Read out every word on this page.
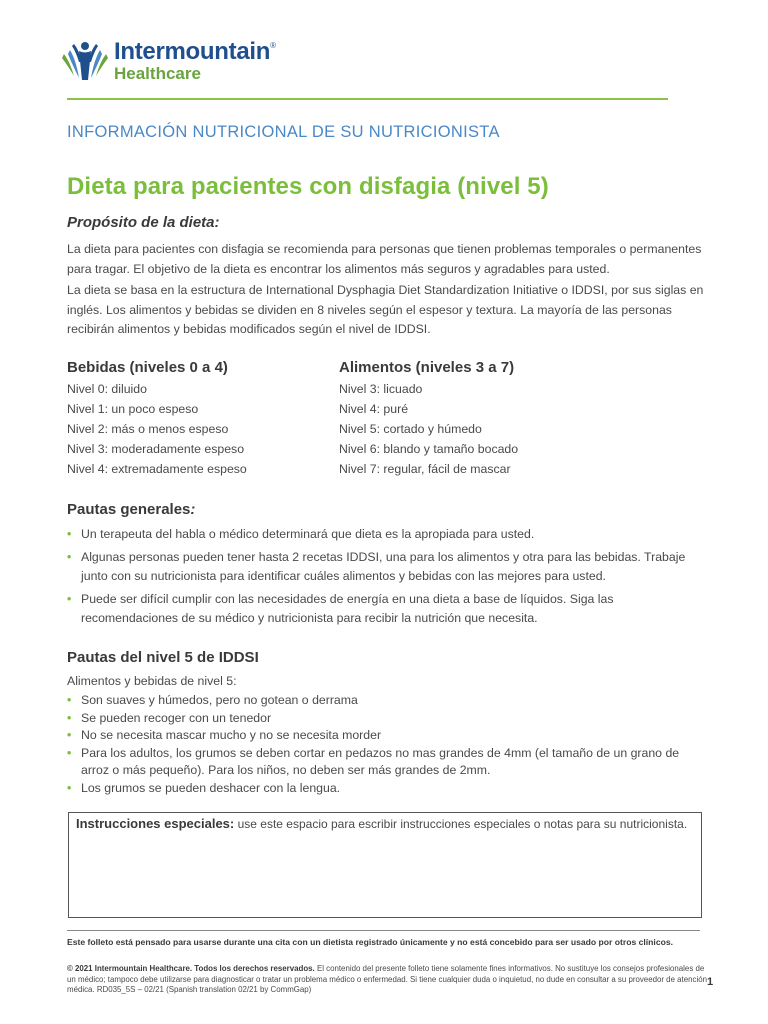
Intermountain®
Healthcare
INFORMACIÓN NUTRICIONAL DE SU NUTRICIONISTA
Dieta para pacientes con disfagia (nivel 5)
Propósito de la dieta:
La dieta para pacientes con disfagia se recomienda para personas que tienen problemas temporales o permanentes para tragar. El objetivo de la dieta es encontrar los alimentos más seguros y agradables para usted.
La dieta se basa en la estructura de International Dysphagia Diet Standardization Initiative o IDDSI, por sus siglas en inglés. Los alimentos y bebidas se dividen en 8 niveles según el espesor y textura. La mayoría de las personas recibirán alimentos y bebidas modificados según el nivel de IDDSI.
Bebidas (niveles 0 a 4)
Nivel 0: diluido
Nivel 1: un poco espeso
Nivel 2: más o menos espeso
Nivel 3: moderadamente espeso
Nivel 4: extremadamente espeso
Alimentos (niveles 3 a 7)
Nivel 3: licuado
Nivel 4: puré
Nivel 5: cortado y húmedo
Nivel 6: blando y tamaño bocado
Nivel 7: regular, fácil de mascar
Pautas generales:
• Un terapeuta del habla o médico determinará que dieta es la apropiada para usted.
• Algunas personas pueden tener hasta 2 recetas IDDSI, una para los alimentos y otra para las bebidas. Trabaje junto con su nutricionista para identificar cuáles alimentos y bebidas con las mejores para usted.
• Puede ser difícil cumplir con las necesidades de energía en una dieta a base de líquidos. Siga las recomendaciones de su médico y nutricionista para recibir la nutrición que necesita.
Pautas del nivel 5 de IDDSI
Alimentos y bebidas de nivel 5:
• Son suaves y húmedos, pero no gotean o derrama
• Se pueden recoger con un tenedor
• No se necesita mascar mucho y no se necesita morder
• Para los adultos, los grumos se deben cortar en pedazos no mas grandes de 4mm (el tamaño de un grano de arroz o más pequeño). Para los niños, no deben ser más grandes de 2mm.
• Los grumos se pueden deshacer con la lengua.
Instrucciones especiales: use este espacio para escribir instrucciones especiales o notas para su nutricionista.
Este folleto está pensado para usarse durante una cita con un dietista registrado únicamente y no está concebido para ser usado por otros clínicos.
© 2021 Intermountain Healthcare. Todos los derechos reservados. El contenido del presente folleto tiene solamente fines informativos. No sustituye los consejos profesionales de un médico; tampoco debe utilizarse para diagnosticar o tratar un problema médico o enfermedad. Si tiene cualquier duda o inquietud, no dude en consultar a su proveedor de atención médica. RD035_5S – 02/21 (Spanish translation 02/21 by CommGap)
1
